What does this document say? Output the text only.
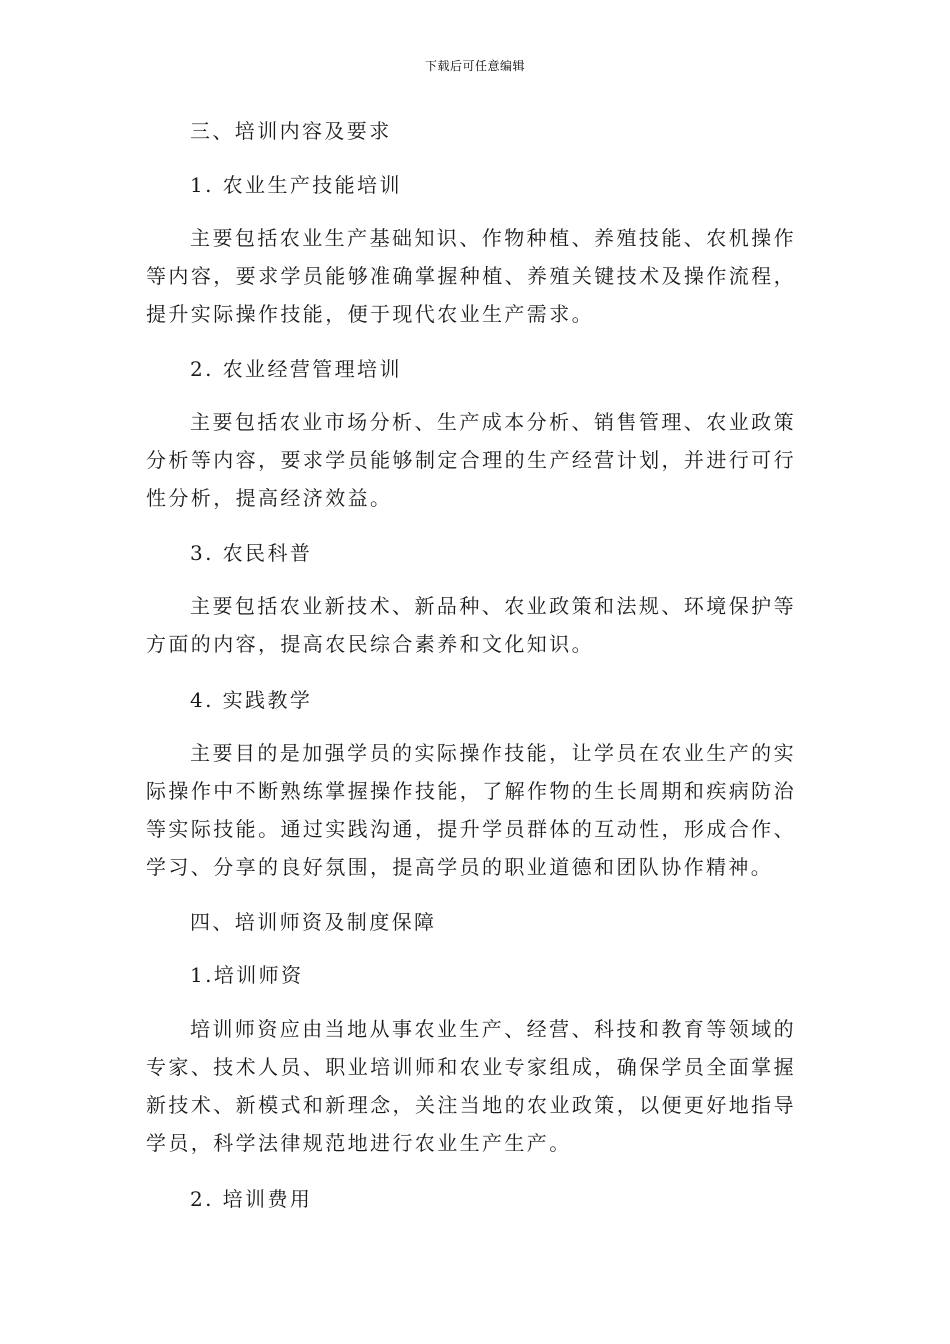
下载后可任意编辑

三、培训内容及要求

1. 农业生产技能培训

主要包括农业生产基础知识、作物种植、养殖技能、农机操作等内容，要求学员能够准确掌握种植、养殖关键技术及操作流程，提升实际操作技能，便于现代农业生产需求。

2. 农业经营管理培训

主要包括农业市场分析、生产成本分析、销售管理、农业政策分析等内容，要求学员能够制定合理的生产经营计划，并进行可行性分析，提高经济效益。

3. 农民科普

主要包括农业新技术、新品种、农业政策和法规、环境保护等方面的内容，提高农民综合素养和文化知识。

4. 实践教学

主要目的是加强学员的实际操作技能，让学员在农业生产的实际操作中不断熟练掌握操作技能，了解作物的生长周期和疾病防治等实际技能。通过实践沟通，提升学员群体的互动性，形成合作、学习、分享的良好氛围，提高学员的职业道德和团队协作精神。

四、培训师资及制度保障

1.培训师资

培训师资应由当地从事农业生产、经营、科技和教育等领域的专家、技术人员、职业培训师和农业专家组成，确保学员全面掌握新技术、新模式和新理念，关注当地的农业政策，以便更好地指导学员，科学法律规范地进行农业生产生产。

2. 培训费用
